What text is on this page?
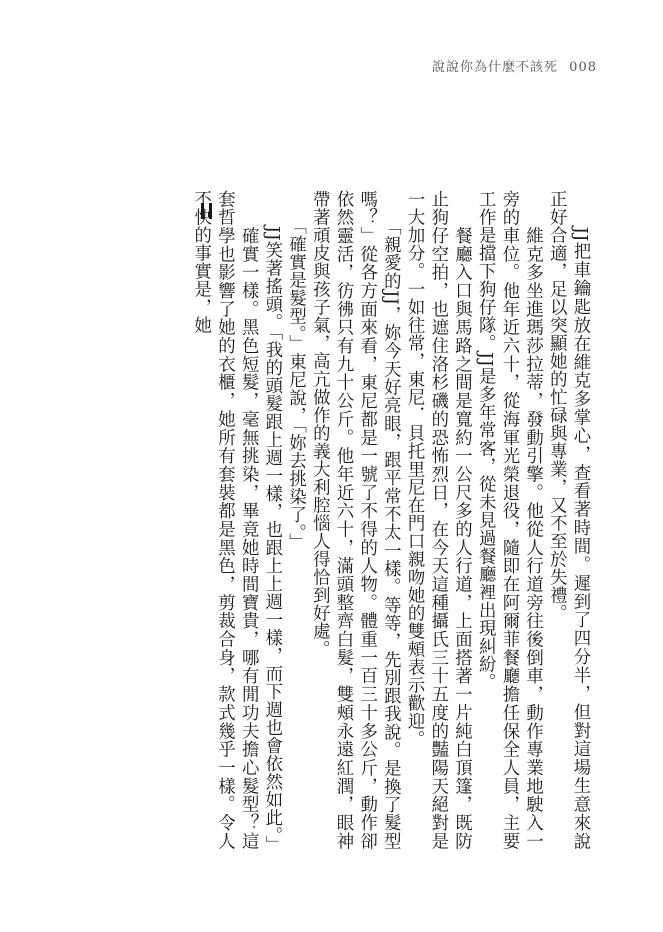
說說你為什麼不該死 008

　　JJ把車鑰匙放在維克多掌心，查看著時間。遲到了四分半，但對這場生意來說正好合適，足以突顯她的忙碌與專業，又不至於失禮。

　　維克多坐進瑪莎拉蒂，發動引擎。他從人行道旁往後倒車，動作專業地駛入一旁的車位。他年近六十，從海軍光榮退役，隨即在阿爾菲餐廳擔任保全人員，主要工作是擋下狗仔隊。JJ是多年常客，從未見過餐廳裡出現糾紛。

　　餐廳入口與馬路之間是寬約一公尺多的人行道，上面搭著一片純白頂篷，既防止狗仔空拍，也遮住洛杉磯的恐怖烈日，在今天這種攝氏三十五度的豔陽天絕對是一大加分。一如往常，東尼．貝托里尼在門口親吻她的雙頰表示歡迎。

　　「親愛的JJ，妳今天好亮眼，跟平常不太一樣。等等，先別跟我說。是換了髮型嗎？」從各方面來看，東尼都是一號了不得的人物。體重一百三十多公斤，動作卻依然靈活，彷彿只有九十公斤。他年近六十，滿頭整齊白髮，雙頰永遠紅潤，眼神帶著頑皮與孩子氣，高亢做作的義大利腔惱人得恰到好處。

　　「確實是髮型。」東尼說，「妳去挑染了。」

　　JJ笑著搖頭。「我的頭髮跟上週一樣，也跟上上週一樣，而下週也會依然如此。」

　　確實一樣。黑色短髮，毫無挑染，畢竟她時間寶貴，哪有閒功夫擔心髮型？這套哲學也影響了她的衣櫃，她所有套裝都是黑色，剪裁合身，款式幾乎一樣。令人不快的事實是，她
